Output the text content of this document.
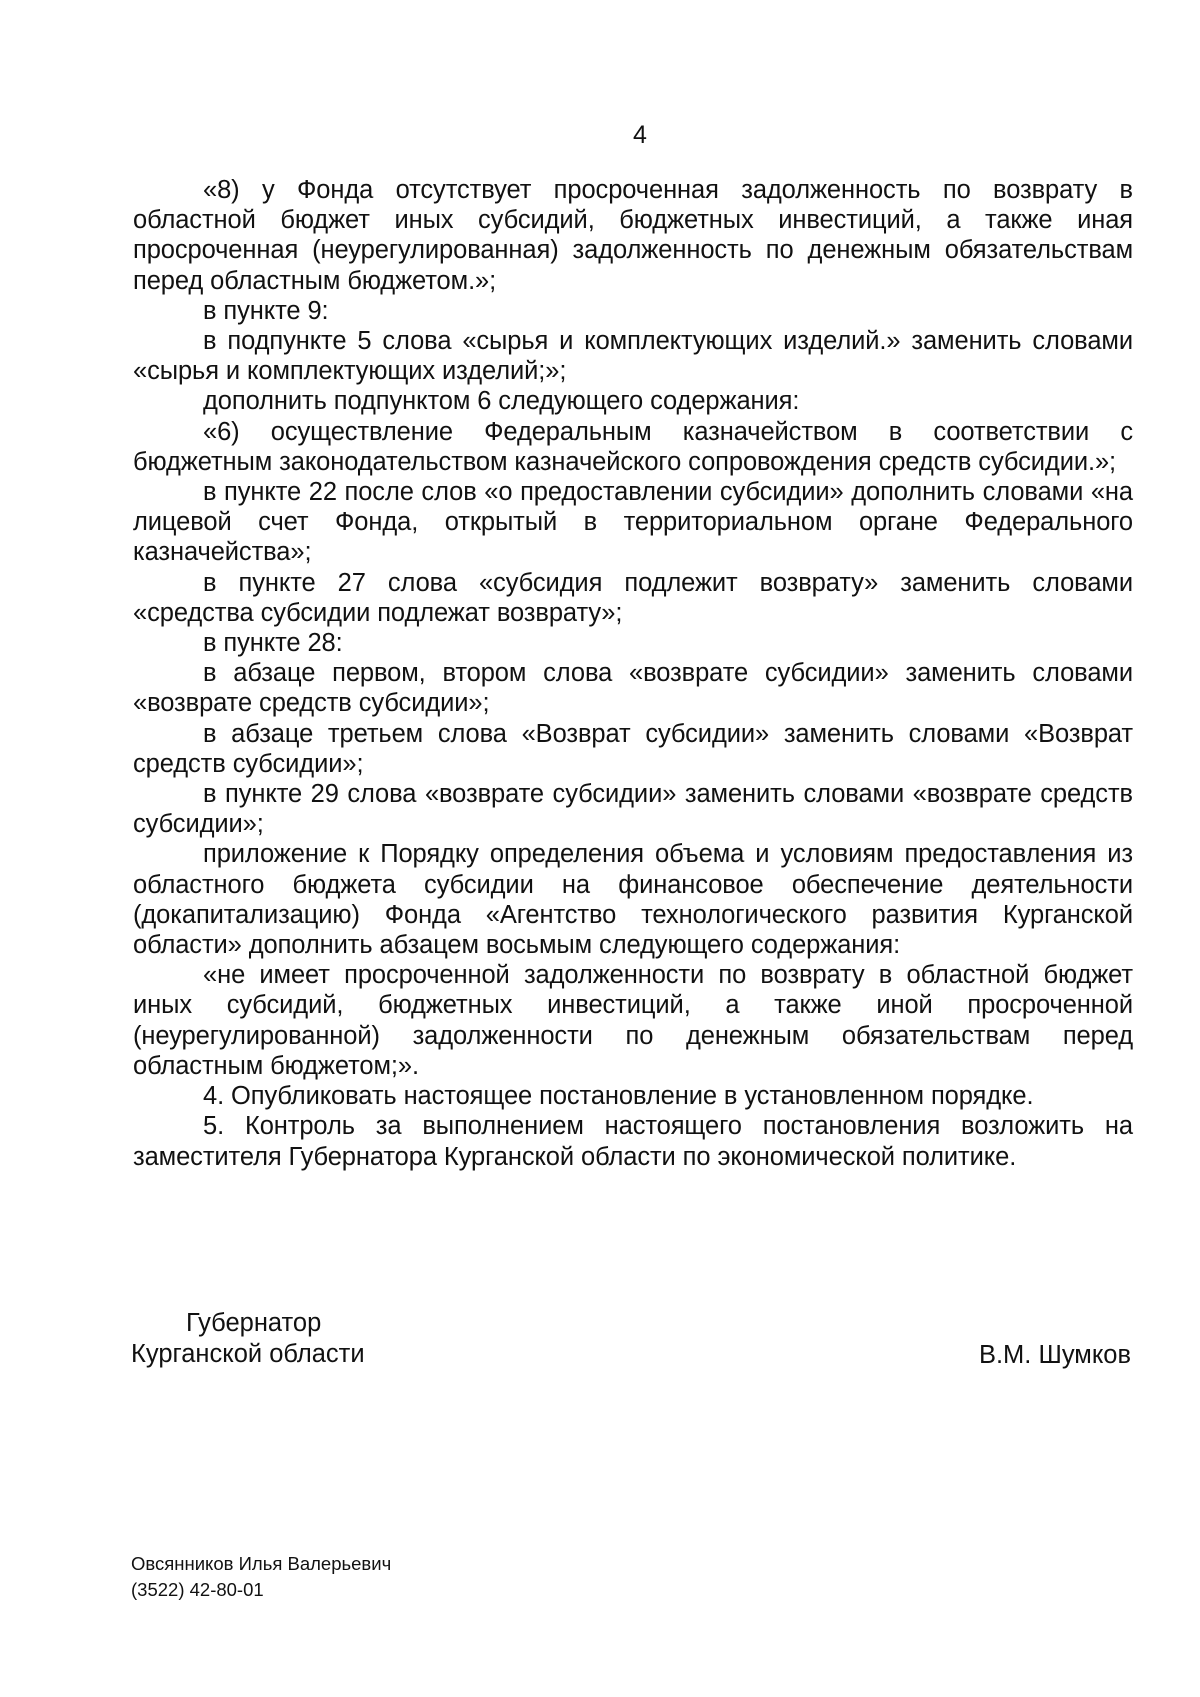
4

«8) у Фонда отсутствует просроченная задолженность по возврату в областной бюджет иных субсидий, бюджетных инвестиций, а также иная просроченная (неурегулированная) задолженность по денежным обязательствам перед областным бюджетом.»;

в пункте 9:

в подпункте 5 слова «сырья и комплектующих изделий.» заменить словами «сырья и комплектующих изделий;»;

дополнить подпунктом 6 следующего содержания:

«6) осуществление Федеральным казначейством в соответствии с бюджетным законодательством казначейского сопровождения средств субсидии.»;

в пункте 22 после слов «о предоставлении субсидии» дополнить словами «на лицевой счет Фонда, открытый в территориальном органе Федерального казначейства»;

в пункте 27 слова «субсидия подлежит возврату» заменить словами «средства субсидии подлежат возврату»;

в пункте 28:

в абзаце первом, втором слова «возврате субсидии» заменить словами «возврате средств субсидии»;

в абзаце третьем слова «Возврат субсидии» заменить словами «Возврат средств субсидии»;

в пункте 29 слова «возврате субсидии» заменить словами «возврате средств субсидии»;

приложение к Порядку определения объема и условиям предоставления из областного бюджета субсидии на финансовое обеспечение деятельности (докапитализацию) Фонда «Агентство технологического развития Курганской области» дополнить абзацем восьмым следующего содержания:

«не имеет просроченной задолженности по возврату в областной бюджет иных субсидий, бюджетных инвестиций, а также иной просроченной (неурегулированной) задолженности по денежным обязательствам перед областным бюджетом;».

4. Опубликовать настоящее постановление в установленном порядке.

5. Контроль за выполнением настоящего постановления возложить на заместителя Губернатора Курганской области по экономической политике.

Губернатор
Курганской области	В.М. Шумков
Овсянников Илья Валерьевич
(3522) 42-80-01
